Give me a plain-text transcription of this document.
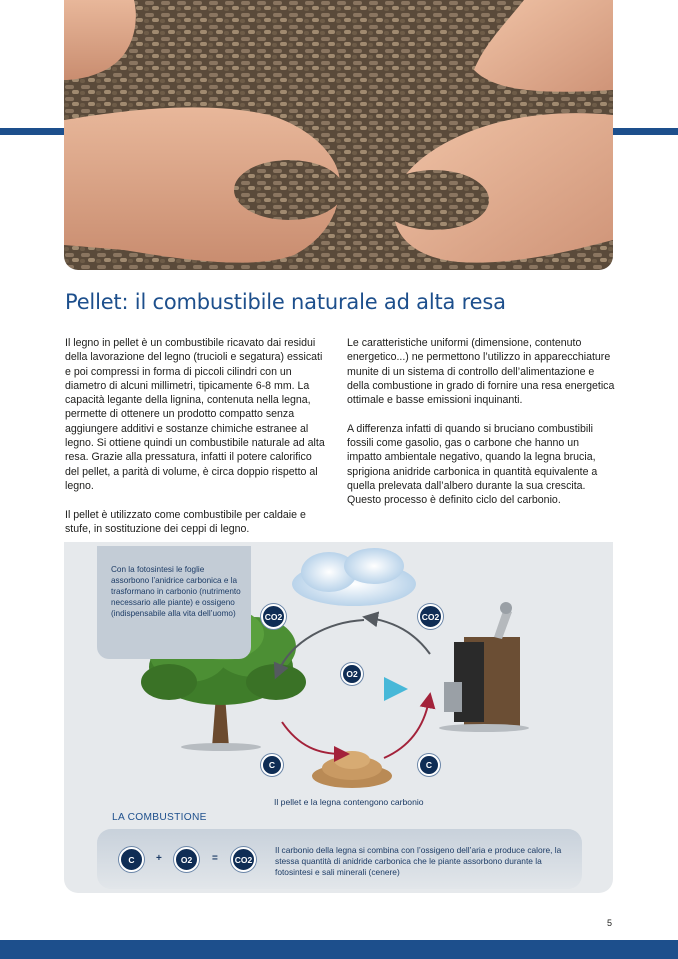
Pellet: il combustibile naturale ad alta resa

Il legno in pellet è un combustibile ricavato dai residui della lavorazione del legno (trucioli e segatura) essicati e poi compressi in forma di piccoli cilindri con un diametro di alcuni millimetri, tipicamente 6-8 mm. La capacità legante della lignina, contenuta nella legna, permette di ottenere un prodotto compatto senza aggiungere additivi e sostanze chimiche estranee al legno. Si ottiene quindi un combustibile naturale ad alta resa. Grazie alla pressatura, infatti il potere calorifico del pellet, a parità di volume, è circa doppio rispetto al legno.

Il pellet è utilizzato come combustibile per caldaie e stufe, in sostituzione dei ceppi di legno.

Le caratteristiche uniformi (dimensione, contenuto energetico...) ne permettono l’utilizzo in apparecchiature munite di un sistema di controllo dell’alimentazione e della combustione in grado di fornire una resa energetica ottimale e basse emissioni inquinanti.

A differenza infatti di quando si bruciano combustibili fossili come gasolio, gas o carbone che hanno un impatto ambientale negativo, quando la legna brucia, sprigiona anidride carbonica in quantità equivalente a quella prelevata dall’albero durante la sua crescita. Questo processo è definito ciclo del carbonio.

Con la fotosintesi le foglie assorbono l’anidrice carbonica e la trasformano in carbonio (nutrimento necessario alle piante) e ossigeno (indispensabile alla vita dell’uomo)	CO2	CO2
O2
C	C
Il pellet e la legna contengono carbonio
LA COMBUSTIONE
C	+	O2	=	CO2
Il carbonio della legna si combina con l’ossigeno dell’aria e produce calore, la stessa quantità di anidride carbonica che le piante assorbono durante la fotosintesi e sali minerali (cenere)
5
